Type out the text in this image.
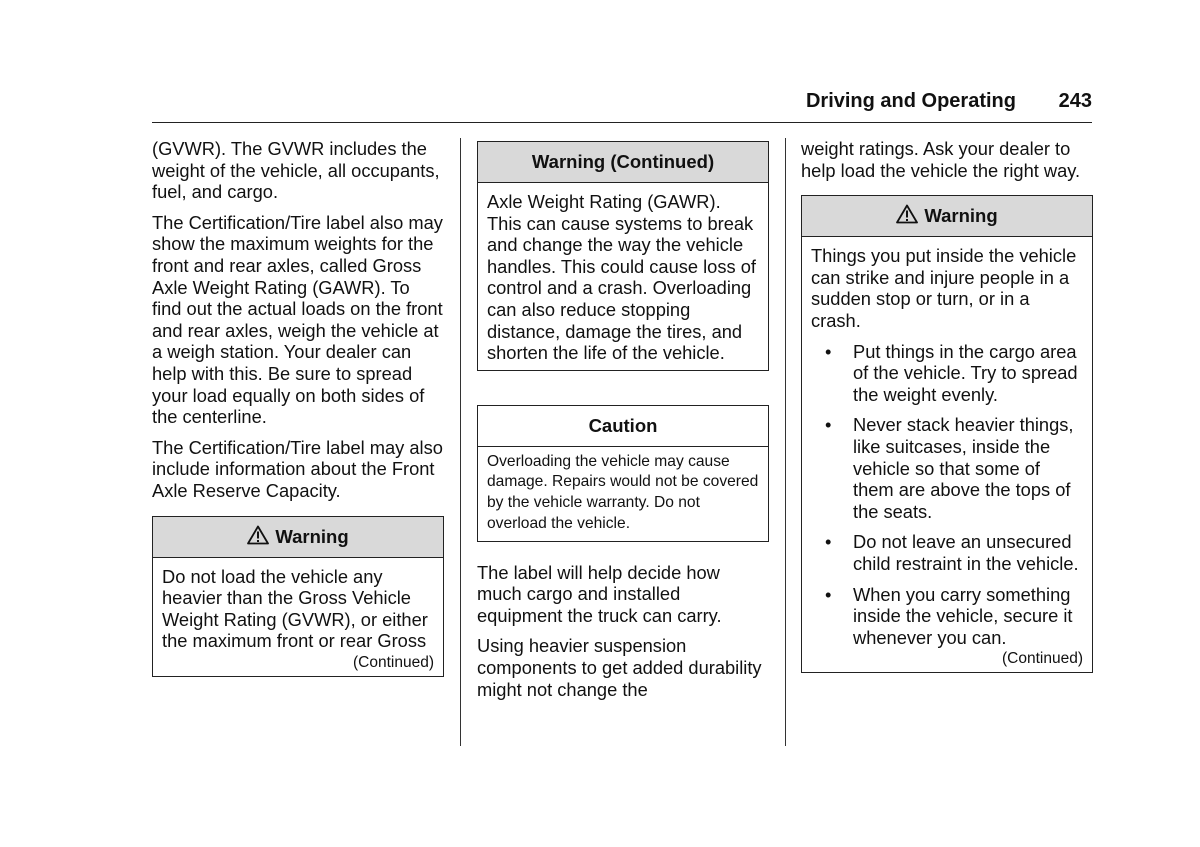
Driving and Operating 243

(GVWR). The GVWR includes the weight of the vehicle, all occupants, fuel, and cargo.

The Certification/Tire label also may show the maximum weights for the front and rear axles, called Gross Axle Weight Rating (GAWR). To find out the actual loads on the front and rear axles, weigh the vehicle at a weigh station. Your dealer can help with this. Be sure to spread your load equally on both sides of the centerline.

The Certification/Tire label may also include information about the Front Axle Reserve Capacity.

Warning

Do not load the vehicle any heavier than the Gross Vehicle Weight Rating (GVWR), or either the maximum front or rear Gross

(Continued)
Warning (Continued)

Axle Weight Rating (GAWR). This can cause systems to break and change the way the vehicle handles. This could cause loss of control and a crash. Overloading can also reduce stopping distance, damage the tires, and shorten the life of the vehicle.

Caution

Overloading the vehicle may cause damage. Repairs would not be covered by the vehicle warranty. Do not overload the vehicle.

The label will help decide how much cargo and installed equipment the truck can carry.

Using heavier suspension components to get added durability might not change the

weight ratings. Ask your dealer to help load the vehicle the right way.

Warning

Things you put inside the vehicle can strike and injure people in a sudden stop or turn, or in a crash.

• Put things in the cargo area of the vehicle. Try to spread the weight evenly.
• Never stack heavier things, like suitcases, inside the vehicle so that some of them are above the tops of the seats.
• Do not leave an unsecured child restraint in the vehicle.
• When you carry something inside the vehicle, secure it whenever you can.
(Continued)
